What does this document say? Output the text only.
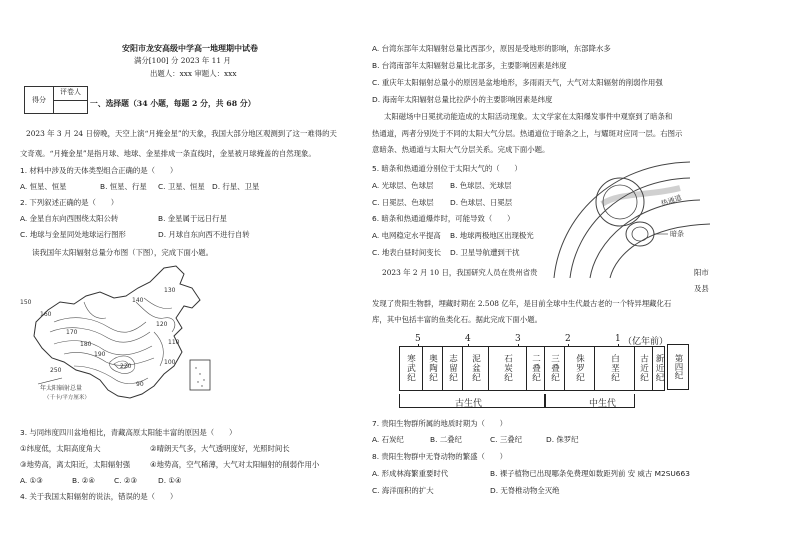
安阳市龙安高级中学高一地理期中试卷
满分[100] 分 2023 年 11 月
出题人：xxx 审题人：xxx
得分
评卷人
一、选择题（34 小题，每题 2 分，共 68 分）
2023 年 3 月 24 日傍晚，天空上演“月掩金星”的天象，我国大部分地区观测到了这一难得的天
文奇观。“月掩金星”是指月球、地球、金星排成一条直线时，金星被月球掩盖的自然现象。
1. 材料中涉及的天体类型组合正确的是（　　）
A. 恒星、恒星	B. 恒星、行星 C. 卫星、恒星 D. 行星、卫星
2. 下列叙述正确的是（　　）
A. 金星自东向西围绕太阳公转	B. 金星属于远日行星
C. 地球与金星同处地球运行图形	D. 月球自东向西不进行自转
读我国年太阳辐射总量分布图（下图），完成下面小题。
150
160
170
180
190
140
130
120
110
100
90
250
220
年太阳辐射总量
（千卡/平方厘米）
3. 与同纬度四川盆地相比，青藏高原太阳能丰富的原因是（　　）
①纬度低，太阳高度角大	②晴朗天气多，大气透明度好，光照时间长
③地势高，离太阳近，太阳辐射强	④地势高，空气稀薄，大气对太阳辐射的削弱作用小
A. ①③	B. ②④	C. ②③	D. ①④
4. 关于我国太阳辐射的说法，错误的是（　　）
A. 台湾东部年太阳辐射总量比西部少，原因是受地形的影响，东部降水多
B. 台湾南部年太阳辐射总量比北部多，主要影响因素是纬度
C. 重庆年太阳辐射总量小的原因是盆地地形，多雨雨天气，大气对太阳辐射的削弱作用强
D. 海南年太阳辐射总量比拉萨小的主要影响因素是纬度
太阳磁场中日冕扰动能造成的太阳活动现象。太文学家在太阳爆发事件中观察到了暗条和
热通道，两者分别处于不同的太阳大气分层。热通道位于暗条之上，与耀斑对应同一层。右图示
意暗条、热通道与太阳大气分层关系。完成下面小题。
5. 暗条和热通道分别位于太阳大气的（　　）
A. 光球层、色球层 B. 色球层、光球层
C. 日冕层、色球层 D. 色球层、日冕层
6. 暗条和热通道爆炸时，可能导致（　　）
A. 电网稳定水平提高 B. 地球两极地区出现极光
C. 地表白昼时间变长 D. 卫星导航遭到干扰
热通道
暗条
2023 年 2 月 10 日，我国研究人员在贵州省贵	阳市
及县
发现了贵阳生物群，埋藏时期在 2.508 亿年，是目前全球中生代最古老的一个特异埋藏化石
库，其中包括丰富的鱼类化石。据此完成下面小题。
5	4	3	2	1 （亿年前）
寒武纪	奥陶纪	志留纪	泥盆纪	石炭纪	二叠纪	三叠纪	侏罗纪	白垩纪	古近纪 新近纪
古生代	中生代
第四纪
7. 贵阳生物群所属的地质时期为（　　）
A. 石炭纪	B. 二叠纪	C. 三叠纪	D. 侏罗纪
8. 贵阳生物群中无脊动物的繁盛（　　）
A. 形成林海繁重要时代	B. 裸子植物已出现哪条免费理如数距列前 安 威古 M2SU663
C. 海洋面积的扩大	D. 无脊椎动物全灭绝
